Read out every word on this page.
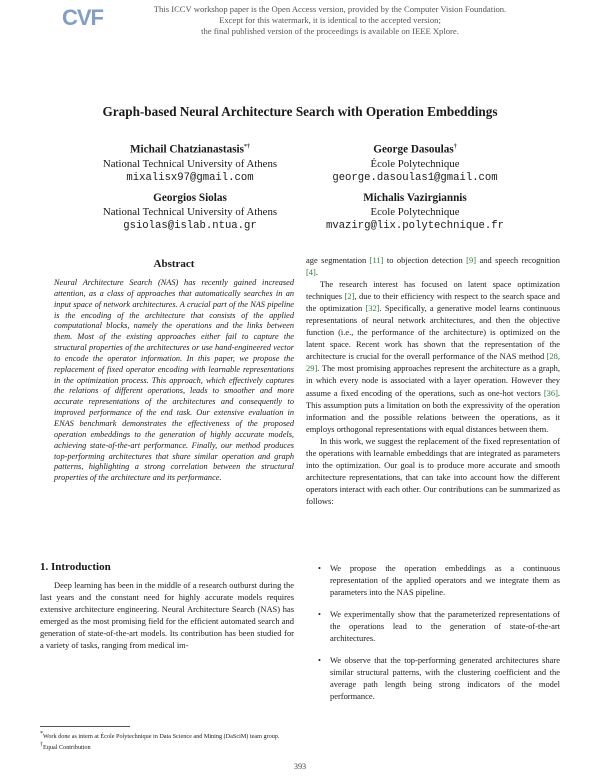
CVF	This ICCV workshop paper is the Open Access version, provided by the Computer Vision Foundation.
Except for this watermark, it is identical to the accepted version;
the final published version of the proceedings is available on IEEE Xplore.
Graph-based Neural Architecture Search with Operation Embeddings
Michail Chatzianastasis*†
National Technical University of Athens
mixalisx97@gmail.com
George Dasoulas†
École Polytechnique
george.dasoulas1@gmail.com
Georgios Siolas
National Technical University of Athens
gsiolas@islab.ntua.gr
Michalis Vazirgiannis
Ecole Polytechnique
mvazirg@lix.polytechnique.fr
Abstract
Neural Architecture Search (NAS) has recently gained increased attention, as a class of approaches that automatically searches in an input space of network architectures. A crucial part of the NAS pipeline is the encoding of the architecture that consists of the applied computational blocks, namely the operations and the links between them. Most of the existing approaches either fail to capture the structural properties of the architectures or use hand-engineered vector to encode the operator information. In this paper, we propose the replacement of fixed operator encoding with learnable representations in the optimization process. This approach, which effectively captures the relations of different operations, leads to smoother and more accurate representations of the architectures and consequently to improved performance of the end task. Our extensive evaluation in ENAS benchmark demonstrates the effectiveness of the proposed operation embeddings to the generation of highly accurate models, achieving state-of-the-art performance. Finally, our method produces top-performing architectures that share similar operation and graph patterns, highlighting a strong correlation between the structural properties of the architecture and its performance.
1. Introduction

Deep learning has been in the middle of a research outburst during the last years and the constant need for highly accurate models requires extensive architecture engineering. Neural Architecture Search (NAS) has emerged as the most promising field for the efficient automated search and generation of state-of-the-art models. Its contribution has been studied for a variety of tasks, ranging from medical im-

age segmentation [11] to objection detection [9] and speech recognition [4].

The research interest has focused on latent space optimization techniques [2], due to their efficiency with respect to the search space and the optimization [32]. Specifically, a generative model learns continuous representations of neural network architectures, and then the objective function (i.e., the performance of the architecture) is optimized on the latent space. Recent work has shown that the representation of the architecture is crucial for the overall performance of the NAS method [28, 29]. The most promising approaches represent the architecture as a graph, in which every node is associated with a layer operation. However they assume a fixed encoding of the operations, such as one-hot vectors [36]. This assumption puts a limitation on both the expressivity of the operation information and the possible relations between the operations, as it employs orthogonal representations with equal distances between them.

In this work, we suggest the replacement of the fixed representation of the operations with learnable embeddings that are integrated as parameters into the optimization. Our goal is to produce more accurate and smooth architecture representations, that can take into account how the different operators interact with each other. Our contributions can be summarized as follows:

• We propose the operation embeddings as a continuous representation of the applied operators and we integrate them as parameters into the NAS pipeline.
• We experimentally show that the parameterized representations of the operations lead to the generation of state-of-the-art architectures.
• We observe that the top-performing generated architectures share similar structural patterns, with the clustering coefficient and the average path length being strong indicators of the model performance.
*Work done as intern at École Polytechnique in Data Science and Mining (DaSciM) team group.
†Equal Contribution
393
